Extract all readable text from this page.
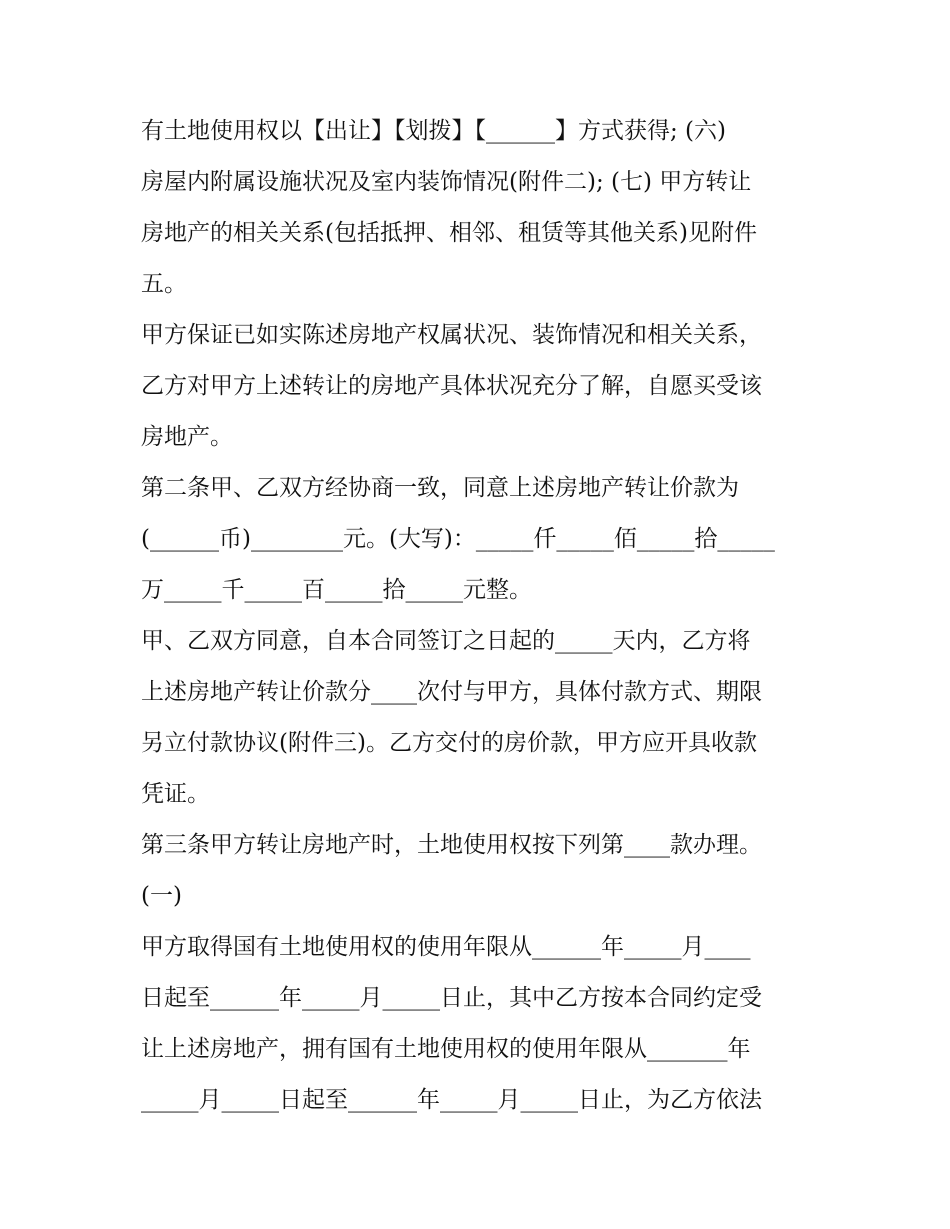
有土地使用权以【出让】【划拨】【______】方式获得; (六)
房屋内附属设施状况及室内装饰情况(附件二); (七) 甲方转让
房地产的相关关系(包括抵押、相邻、租赁等其他关系)见附件
五。
甲方保证已如实陈述房地产权属状况、装饰情况和相关关系，
乙方对甲方上述转让的房地产具体状况充分了解，自愿买受该
房地产。
第二条甲、乙双方经协商一致，同意上述房地产转让价款为
(______币)________元。(大写)：_____仟_____佰_____拾_____
万_____千_____百_____拾_____元整。
甲、乙双方同意，自本合同签订之日起的_____天内，乙方将
上述房地产转让价款分____次付与甲方，具体付款方式、期限
另立付款协议(附件三)。乙方交付的房价款，甲方应开具收款
凭证。
第三条甲方转让房地产时，土地使用权按下列第____款办理。
(一)
甲方取得国有土地使用权的使用年限从______年_____月____
日起至______年_____月_____日止，其中乙方按本合同约定受
让上述房地产，拥有国有土地使用权的使用年限从_______年
_____月_____日起至______年_____月_____日止，为乙方依法
